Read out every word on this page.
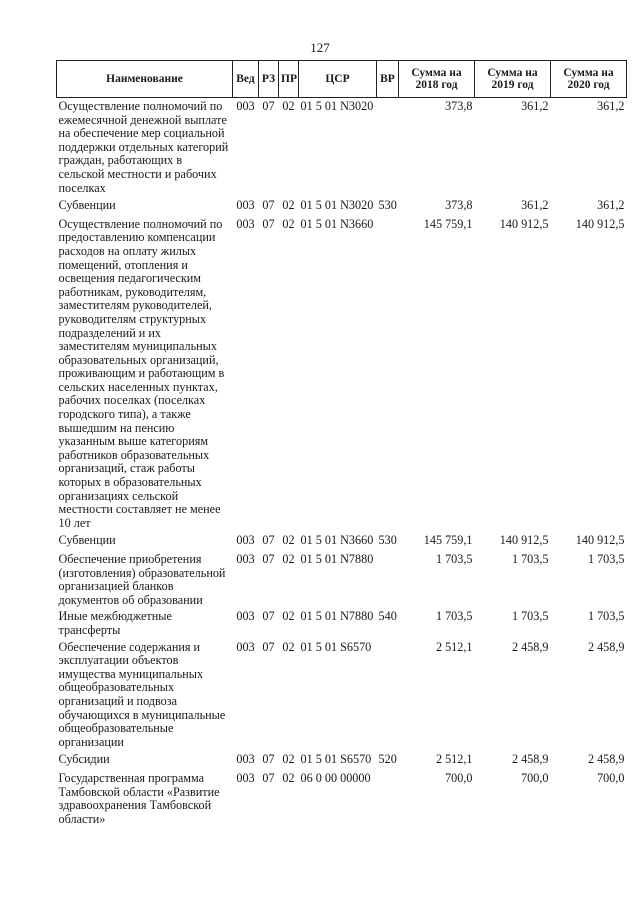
127
Наименование	Вед	РЗ	ПР	ЦСР	ВР	Сумма на 2018 год	Сумма на 2019 год	Сумма на 2020 год
Осуществление полномочий по ежемесячной денежной выплате на обеспечение мер социальной поддержки отдельных категорий граждан, работающих в сельской местности и рабочих поселках	003	07	02	01 5 01 N3020		373,8	361,2	361,2
Субвенции	003	07	02	01 5 01 N3020	530	373,8	361,2	361,2
Осуществление полномочий по предоставлению компенсации расходов на оплату жилых помещений, отопления и освещения педагогическим работникам, руководителям, заместителям руководителей, руководителям структурных подразделений и их заместителям муниципальных образовательных организаций, проживающим и работающим в сельских населенных пунктах, рабочих поселках (поселках городского типа), а также вышедшим на пенсию указанным выше категориям работников образовательных организаций, стаж работы которых в образовательных организациях сельской местности составляет не менее 10 лет	003	07	02	01 5 01 N3660		145 759,1	140 912,5	140 912,5
Субвенции	003	07	02	01 5 01 N3660	530	145 759,1	140 912,5	140 912,5
Обеспечение приобретения (изготовления) образовательной организацией бланков документов об образовании	003	07	02	01 5 01 N7880		1 703,5	1 703,5	1 703,5
Иные межбюджетные трансферты	003	07	02	01 5 01 N7880	540	1 703,5	1 703,5	1 703,5
Обеспечение содержания и эксплуатации объектов имущества муниципальных общеобразовательных организаций и подвоза обучающихся в муниципальные общеобразовательные организации	003	07	02	01 5 01 S6570		2 512,1	2 458,9	2 458,9
Субсидии	003	07	02	01 5 01 S6570	520	2 512,1	2 458,9	2 458,9
Государственная программа Тамбовской области «Развитие здравоохранения Тамбовской области»	003	07	02	06 0 00 00000		700,0	700,0	700,0
